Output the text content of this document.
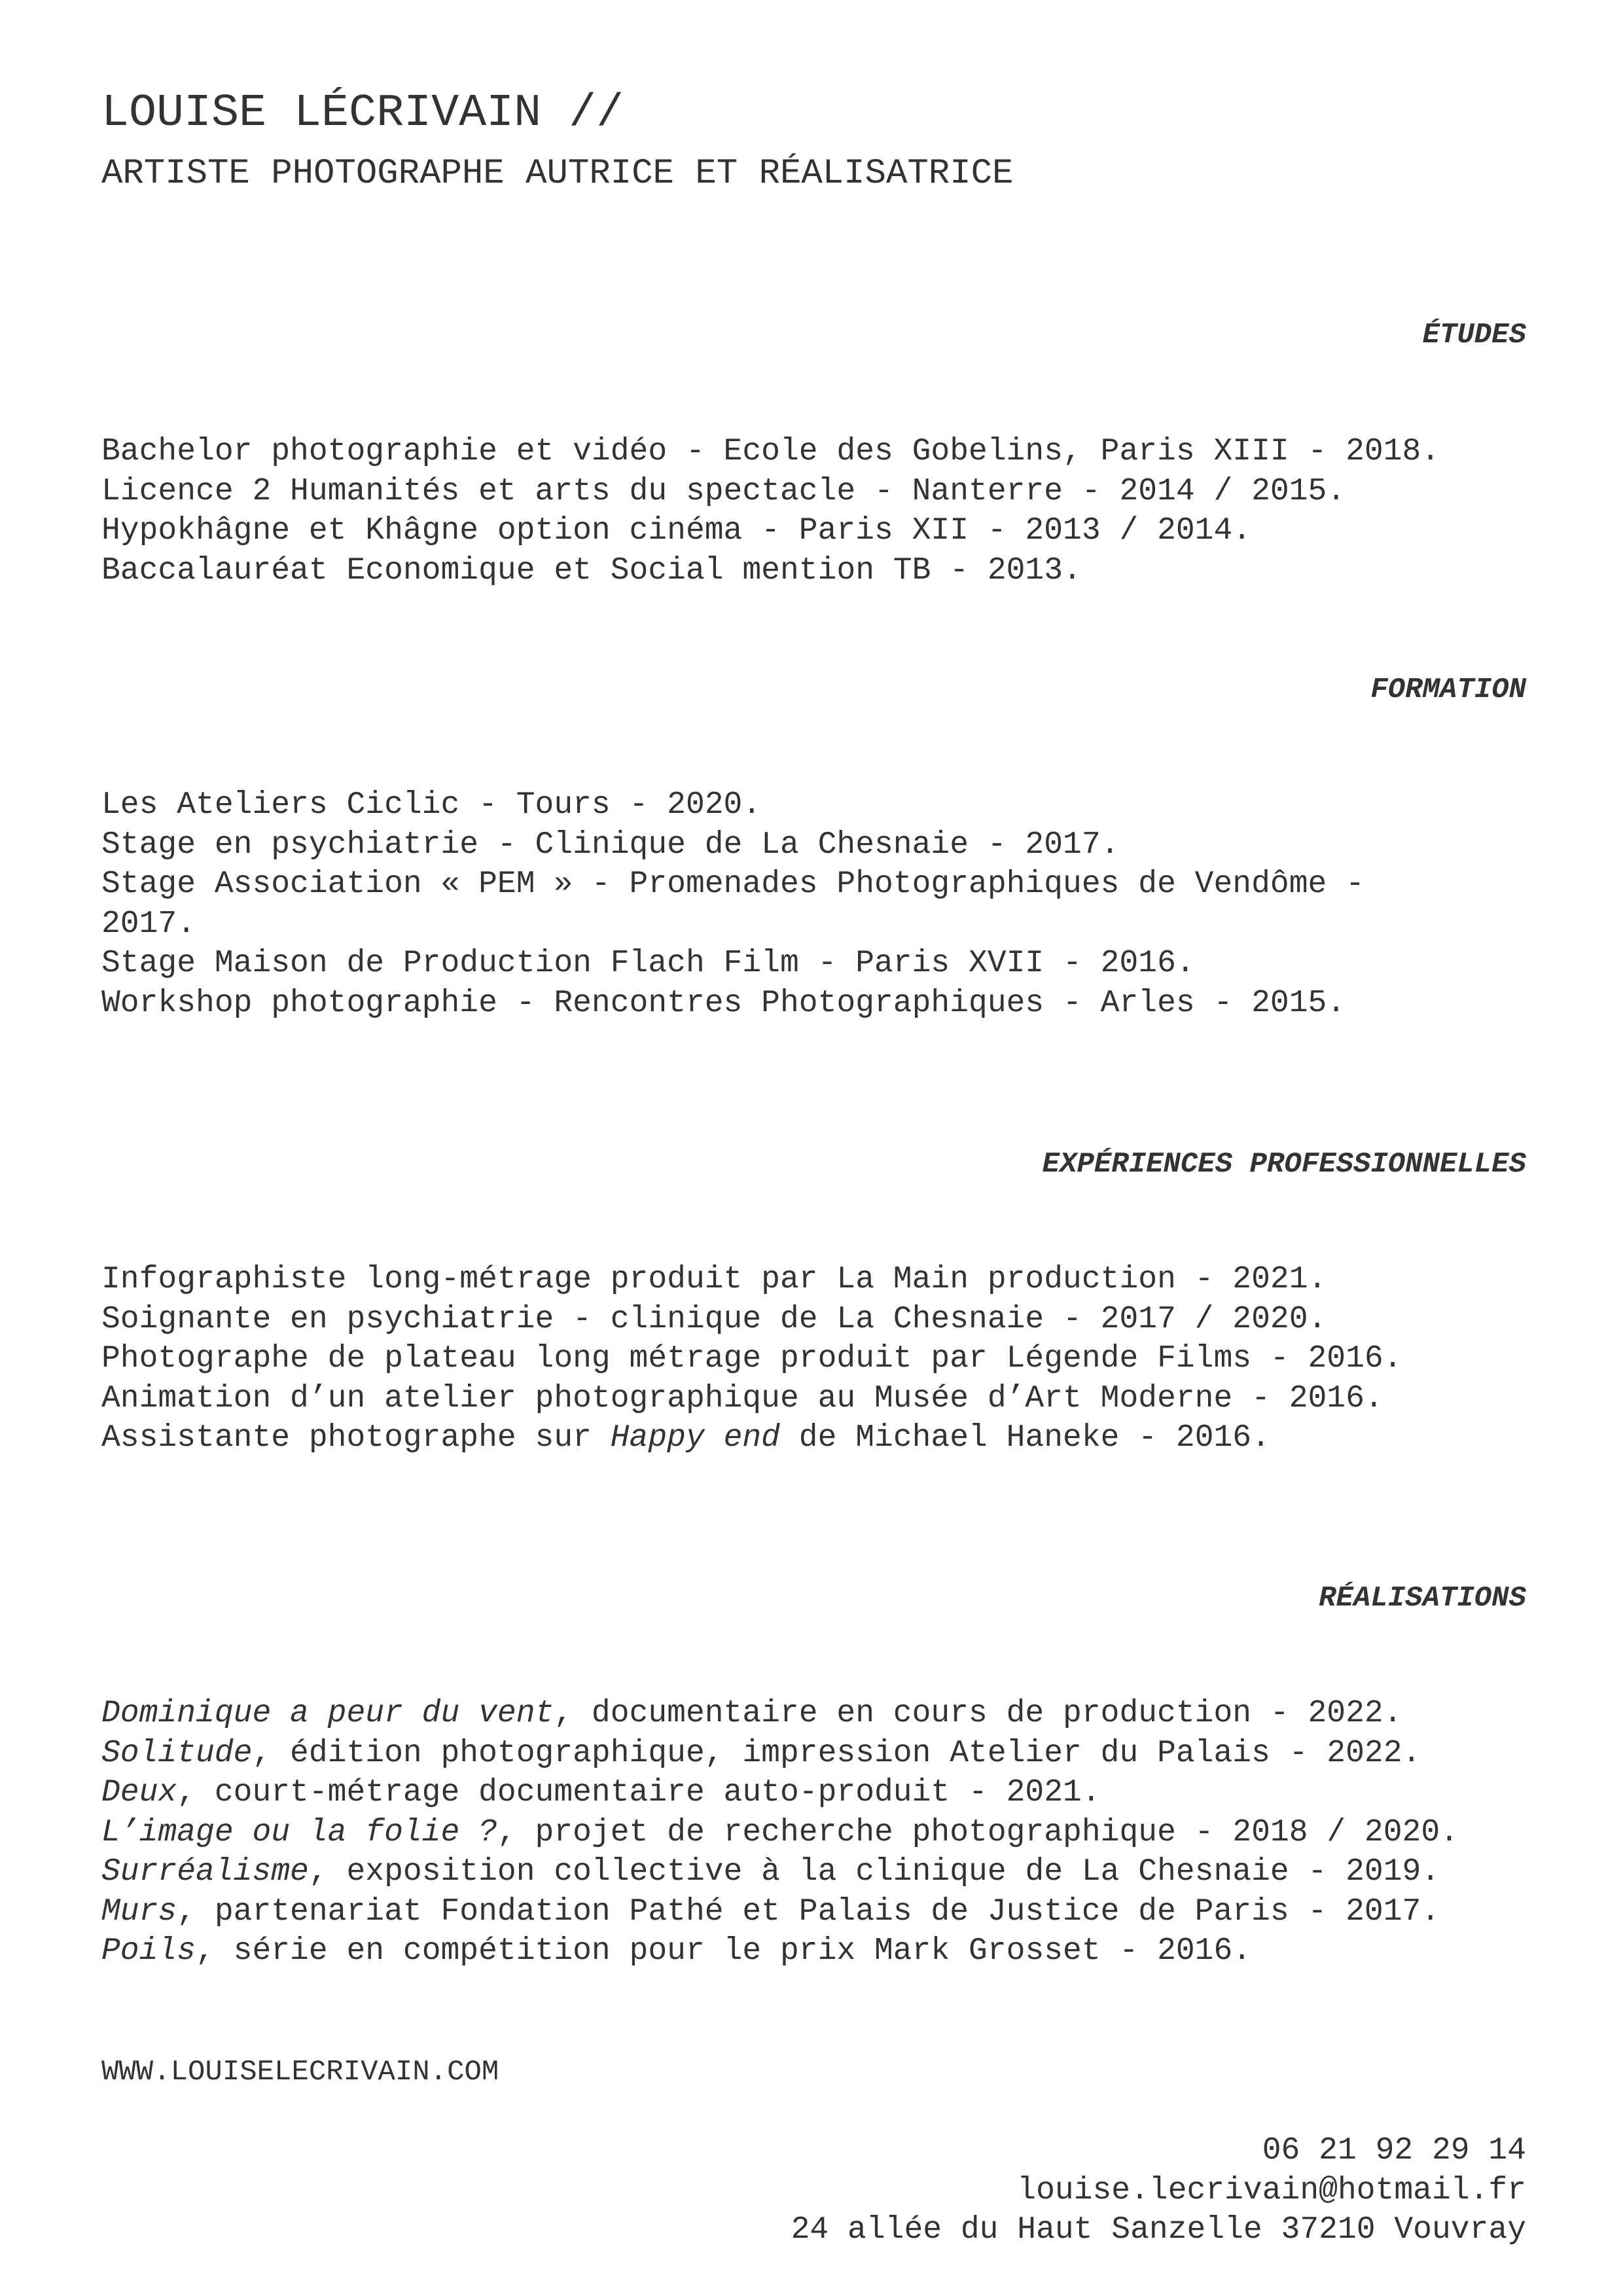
LOUISE LÉCRIVAIN //
ARTISTE PHOTOGRAPHE AUTRICE ET RÉALISATRICE
ÉTUDES
Bachelor photographie et vidéo - Ecole des Gobelins, Paris XIII - 2018.
Licence 2 Humanités et arts du spectacle - Nanterre - 2014 / 2015.
Hypokhâgne et Khâgne option cinéma - Paris XII - 2013 / 2014.
Baccalauréat Economique et Social mention TB - 2013.
FORMATION
Les Ateliers Ciclic - Tours - 2020.
Stage en psychiatrie - Clinique de La Chesnaie - 2017.
Stage Association « PEM » - Promenades Photographiques de Vendôme -
2017.
Stage Maison de Production Flach Film - Paris XVII - 2016.
Workshop photographie - Rencontres Photographiques - Arles - 2015.
EXPÉRIENCES PROFESSIONNELLES
Infographiste long-métrage produit par La Main production - 2021.
Soignante en psychiatrie - clinique de La Chesnaie - 2017 / 2020.
Photographe de plateau long métrage produit par Légende Films - 2016.
Animation d’un atelier photographique au Musée d’Art Moderne - 2016.
Assistante photographe sur Happy end de Michael Haneke - 2016.
RÉALISATIONS
Dominique a peur du vent, documentaire en cours de production - 2022.
Solitude, édition photographique, impression Atelier du Palais - 2022.
Deux, court-métrage documentaire auto-produit - 2021.
L’image ou la folie ?, projet de recherche photographique - 2018 / 2020.
Surréalisme, exposition collective à la clinique de La Chesnaie - 2019.
Murs, partenariat Fondation Pathé et Palais de Justice de Paris - 2017.
Poils, série en compétition pour le prix Mark Grosset - 2016.
WWW.LOUISELECRIVAIN.COM
06 21 92 29 14
louise.lecrivain@hotmail.fr
24 allée du Haut Sanzelle 37210 Vouvray
